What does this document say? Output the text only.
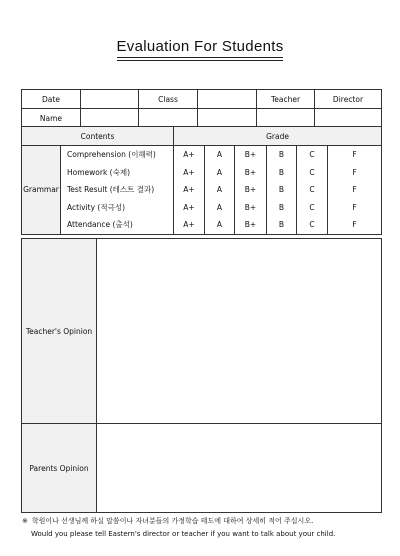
Evaluation For Students
Date		Class		Teacher	Director
Name					
Contents		Grade					
Grammar	Comprehension (이해력)	A+	A	B+	B	C	F
	Homework (숙제)	A+	A	B+	B	C	F
	Test Result (테스트 결과)	A+	A	B+	B	C	F
	Activity (적극성)	A+	A	B+	B	C	F
	Attendance (출석)	A+	A	B+	B	C	F
Teacher's Opinion	
Parents Opinion	
※ 학원이나 선생님께 하실 말씀이나 자녀분들의 가정학습 태도에 대하여 상세히 적어 주십시오.
Would you please tell Eastern's director or teacher if you want to talk about your child.
